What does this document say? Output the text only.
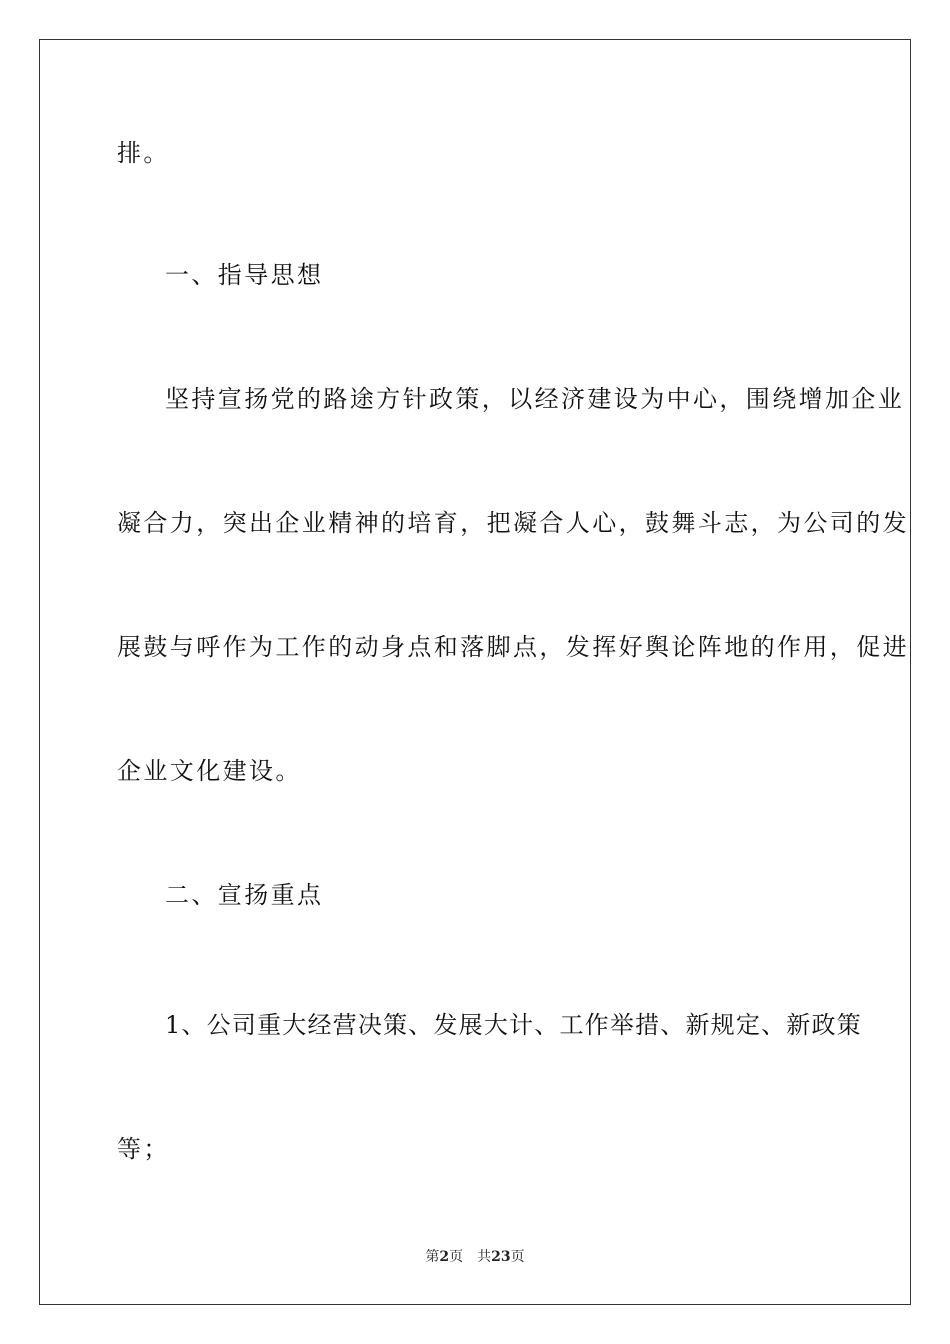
排。
一、指导思想
坚持宣扬党的路途方针政策，以经济建设为中心，围绕增加企业
凝合力，突出企业精神的培育，把凝合人心，鼓舞斗志，为公司的发
展鼓与呼作为工作的动身点和落脚点，发挥好舆论阵地的作用，促进
企业文化建设。
二、宣扬重点
1、公司重大经营决策、发展大计、工作举措、新规定、新政策
等；
第2页 共23页
